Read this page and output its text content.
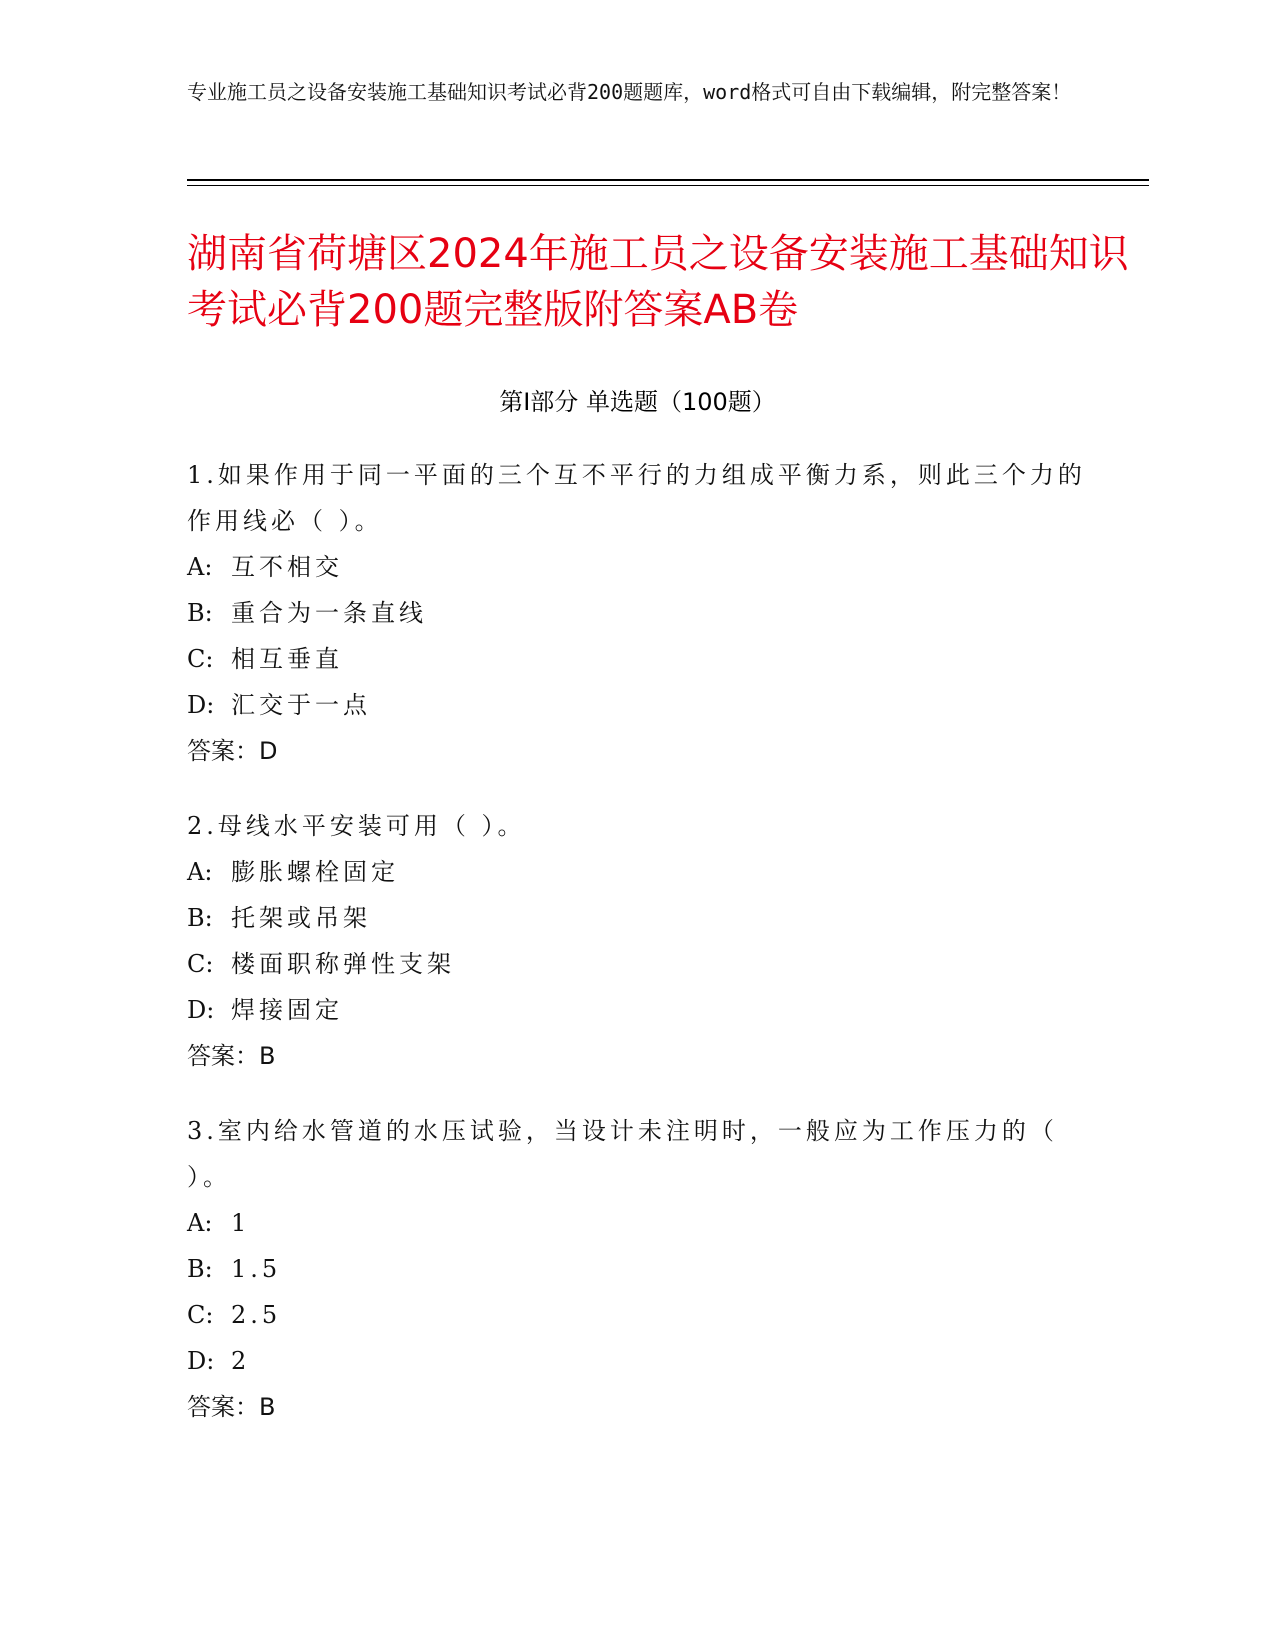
专业施工员之设备安装施工基础知识考试必背200题题库，word格式可自由下载编辑，附完整答案！
湖南省荷塘区2024年施工员之设备安装施工基础知识考试必背200题完整版附答案AB卷
第Ⅰ部分 单选题（100题）
1.如果作用于同一平面的三个互不平行的力组成平衡力系，则此三个力的作用线必（ ）。
A: 互不相交
B: 重合为一条直线
C: 相互垂直
D: 汇交于一点
答案：D
2.母线水平安装可用（ ）。
A: 膨胀螺栓固定
B: 托架或吊架
C: 楼面职称弹性支架
D: 焊接固定
答案：B
3.室内给水管道的水压试验，当设计未注明时，一般应为工作压力的（ ）。
A: 1
B: 1.5
C: 2.5
D: 2
答案：B
